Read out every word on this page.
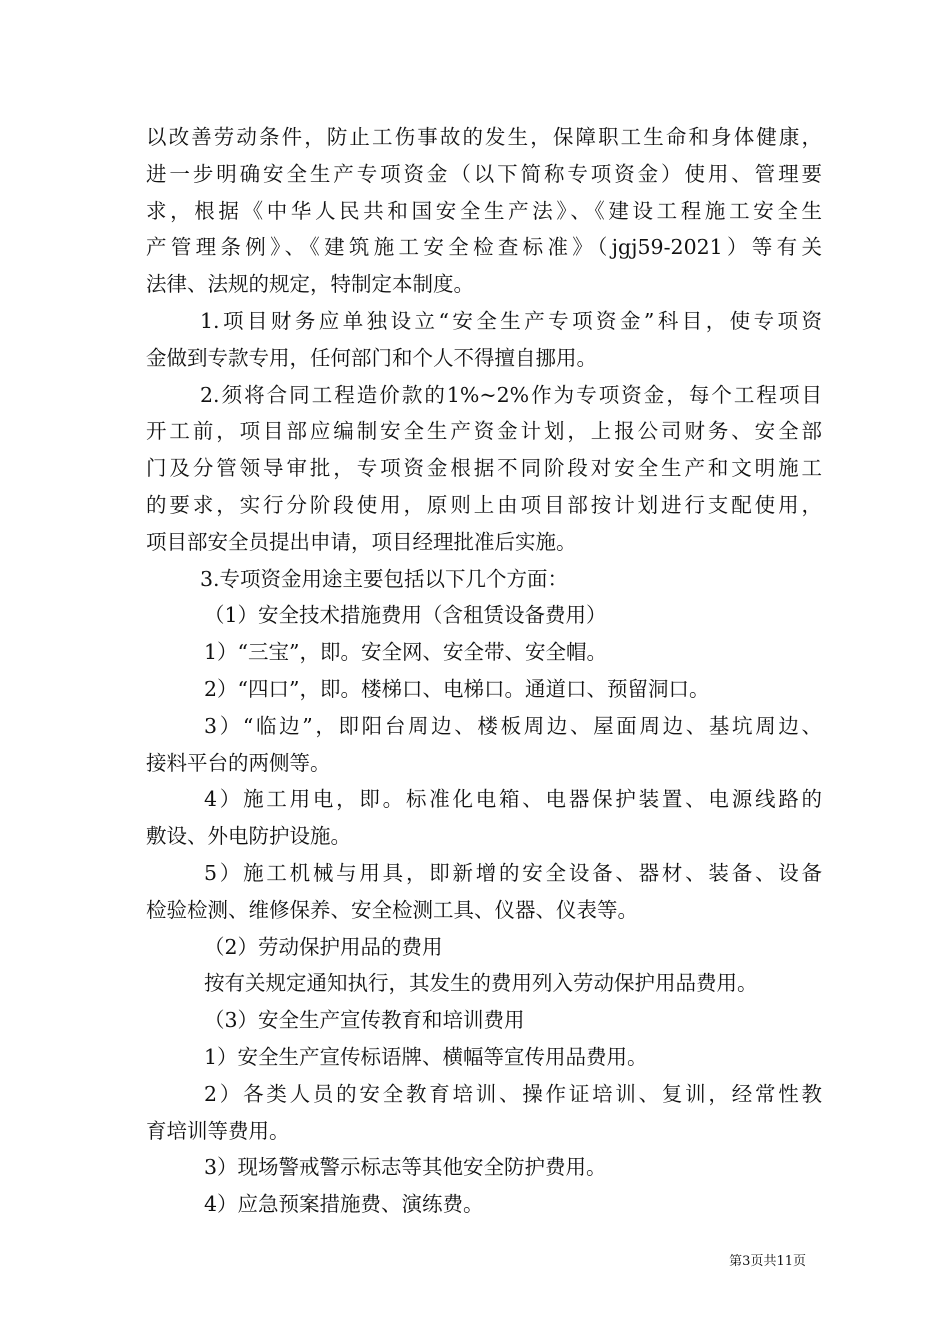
以改善劳动条件，防止工伤事故的发生，保障职工生命和身体健康，
进一步明确安全生产专项资金（以下简称专项资金）使用、管理要
求，根据《中华人民共和国安全生产法》、《建设工程施工安全生
产管理条例》、《建筑施工安全检查标准》（jgj59-2021）等有关
法律、法规的规定，特制定本制度。
1.项目财务应单独设立“安全生产专项资金”科目，使专项资
金做到专款专用，任何部门和个人不得擅自挪用。
2.须将合同工程造价款的1%~2%作为专项资金，每个工程项目
开工前，项目部应编制安全生产资金计划，上报公司财务、安全部
门及分管领导审批，专项资金根据不同阶段对安全生产和文明施工
的要求，实行分阶段使用，原则上由项目部按计划进行支配使用，
项目部安全员提出申请，项目经理批准后实施。
3.专项资金用途主要包括以下几个方面：
（1）安全技术措施费用（含租赁设备费用）
1）“三宝”，即。安全网、安全带、安全帽。
2）“四口”，即。楼梯口、电梯口。通道口、预留洞口。
3）“临边”，即阳台周边、楼板周边、屋面周边、基坑周边、
接料平台的两侧等。
4）施工用电，即。标准化电箱、电器保护装置、电源线路的
敷设、外电防护设施。
5）施工机械与用具，即新增的安全设备、器材、装备、设备
检验检测、维修保养、安全检测工具、仪器、仪表等。
（2）劳动保护用品的费用
按有关规定通知执行，其发生的费用列入劳动保护用品费用。
（3）安全生产宣传教育和培训费用
1）安全生产宣传标语牌、横幅等宣传用品费用。
2）各类人员的安全教育培训、操作证培训、复训，经常性教
育培训等费用。
3）现场警戒警示标志等其他安全防护费用。
4）应急预案措施费、演练费。
第3页共11页
